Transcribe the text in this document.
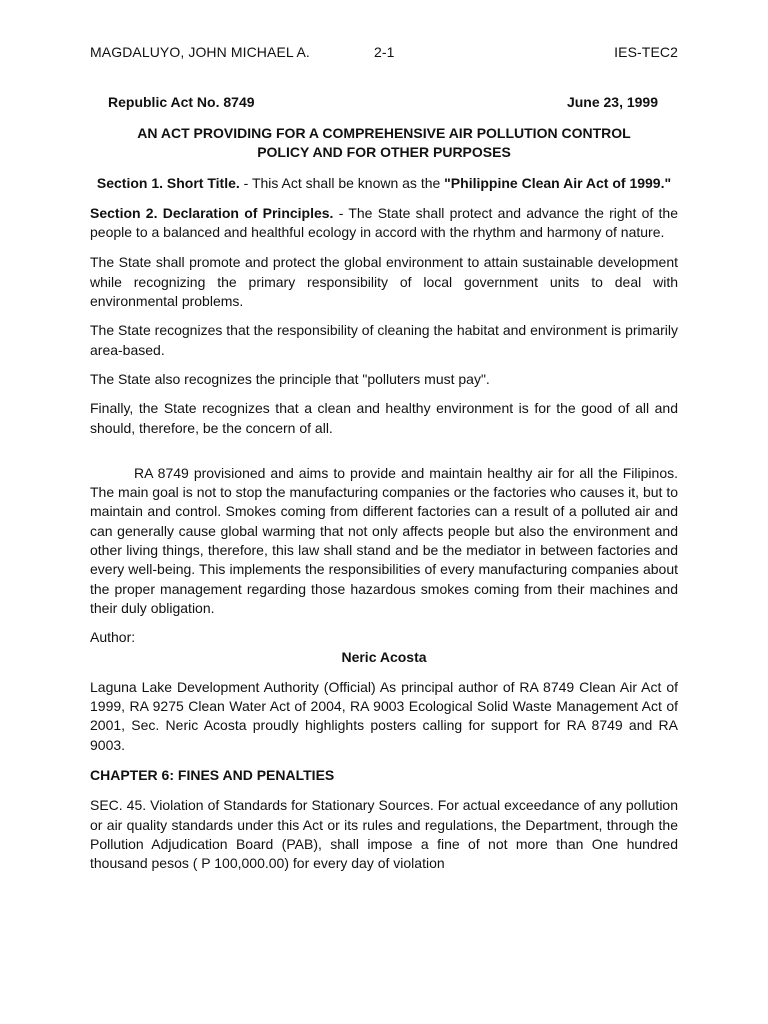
MAGDALUYO, JOHN MICHAEL A.	2-1	IES-TEC2
Republic Act No. 8749	June 23, 1999
AN ACT PROVIDING FOR A COMPREHENSIVE AIR POLLUTION CONTROL
POLICY AND FOR OTHER PURPOSES

Section 1. Short Title. - This Act shall be known as the "Philippine Clean Air Act of 1999."

Section 2. Declaration of Principles. - The State shall protect and advance the right of the people to a balanced and healthful ecology in accord with the rhythm and harmony of nature.

The State shall promote and protect the global environment to attain sustainable development while recognizing the primary responsibility of local government units to deal with environmental problems.

The State recognizes that the responsibility of cleaning the habitat and environment is primarily area-based.

The State also recognizes the principle that "polluters must pay".

Finally, the State recognizes that a clean and healthy environment is for the good of all and should, therefore, be the concern of all.

RA 8749 provisioned and aims to provide and maintain healthy air for all the Filipinos. The main goal is not to stop the manufacturing companies or the factories who causes it, but to maintain and control. Smokes coming from different factories can a result of a polluted air and can generally cause global warming that not only affects people but also the environment and other living things, therefore, this law shall stand and be the mediator in between factories and every well-being. This implements the responsibilities of every manufacturing companies about the proper management regarding those hazardous smokes coming from their machines and their duly obligation.

Author:

Neric Acosta

Laguna Lake Development Authority (Official) As principal author of RA 8749 Clean Air Act of 1999, RA 9275 Clean Water Act of 2004, RA 9003 Ecological Solid Waste Management Act of 2001, Sec. Neric Acosta proudly highlights posters calling for support for RA 8749 and RA 9003.

CHAPTER 6: FINES AND PENALTIES

SEC. 45. Violation of Standards for Stationary Sources. For actual exceedance of any pollution or air quality standards under this Act or its rules and regulations, the Department, through the Pollution Adjudication Board (PAB), shall impose a fine of not more than One hundred thousand pesos ( P 100,000.00) for every day of violation
